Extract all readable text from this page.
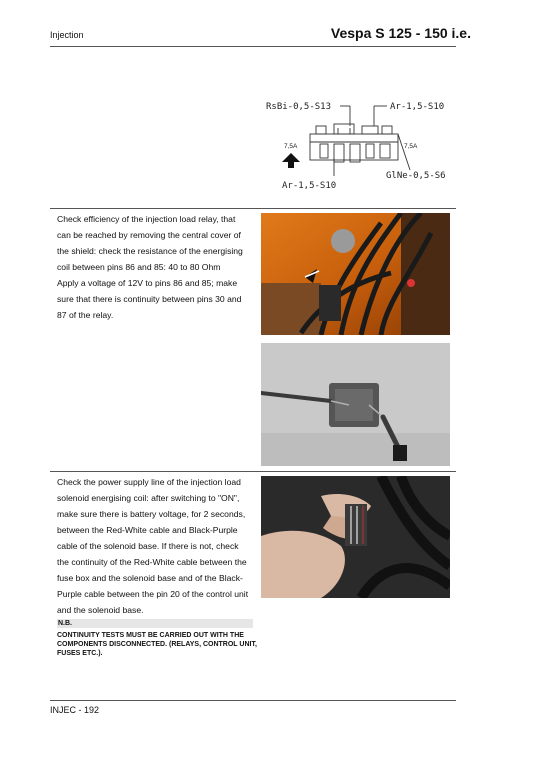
Injection	Vespa S 125 - 150 i.e.
RsBi-0,5-S13	Ar-1,5-S10
Ar-1,5-S10
GlNe-0,5-S6
7,5A	7,5A

Check efficiency of the injection load relay, that

can be reached by removing the central cover of

the shield: check the resistance of the energising

coil between pins 86 and 85: 40 to 80 Ohm

Apply a voltage of 12V to pins 86 and 85; make

sure that there is continuity between pins 30 and

87 of the relay.

Check the power supply line of the injection load

solenoid energising coil: after switching to "ON",

make sure there is battery voltage, for 2 seconds,

between the Red-White cable and Black-Purple

cable of the solenoid base. If there is not, check

the continuity of the Red-White cable between the

fuse box and the solenoid base and of the Black-

Purple cable between the pin 20 of the control unit

and the solenoid base.

N.B.
CONTINUITY TESTS MUST BE CARRIED OUT WITH THE COMPONENTS DISCONNECTED. (RELAYS, CONTROL UNIT, FUSES ETC.).
INJEC - 192
